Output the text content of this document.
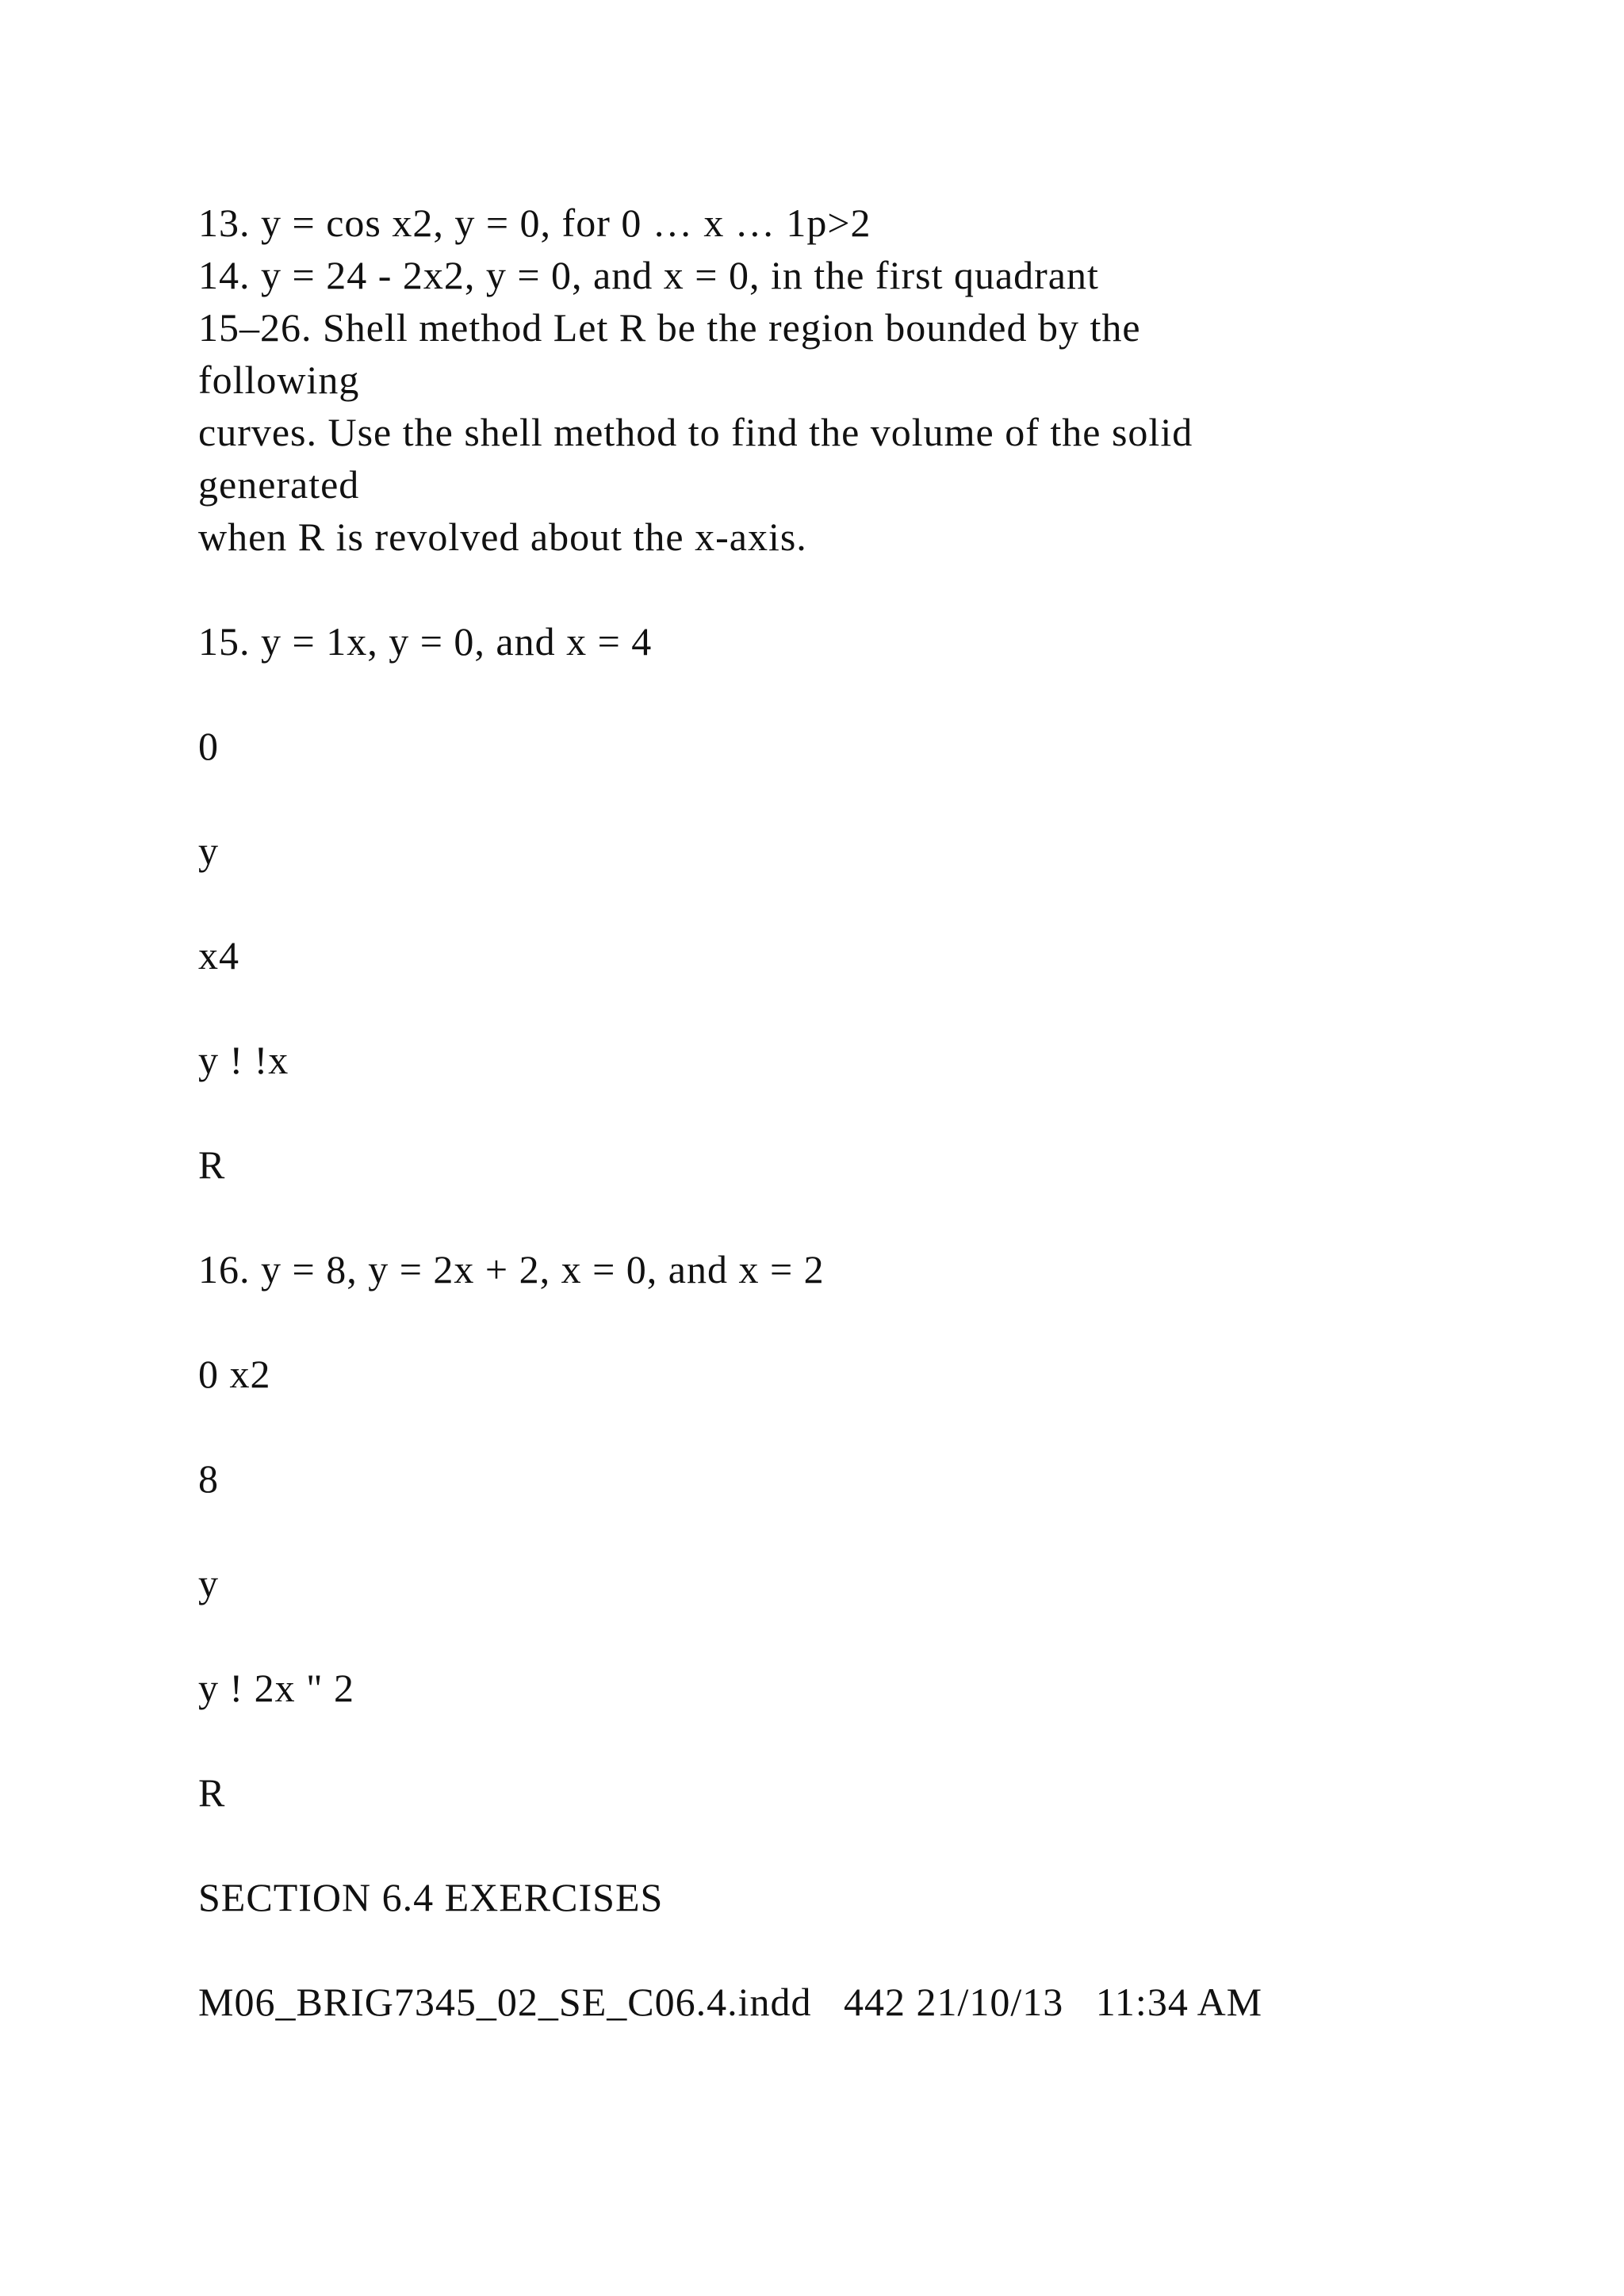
13. y = cos x2, y = 0, for 0 … x … 1p>2

14. y = 24 - 2x2, y = 0, and x = 0, in the first quadrant

15–26. Shell method Let R be the region bounded by the

following

curves. Use the shell method to find the volume of the solid

generated

when R is revolved about the x-axis.

15. y = 1x, y = 0, and x = 4

0

y

x4

y ! !x

R

16. y = 8, y = 2x + 2, x = 0, and x = 2

0 x2

8

y

y ! 2x " 2

R

SECTION 6.4 EXERCISES

M06_BRIG7345_02_SE_C06.4.indd   442 21/10/13   11:34 AM
